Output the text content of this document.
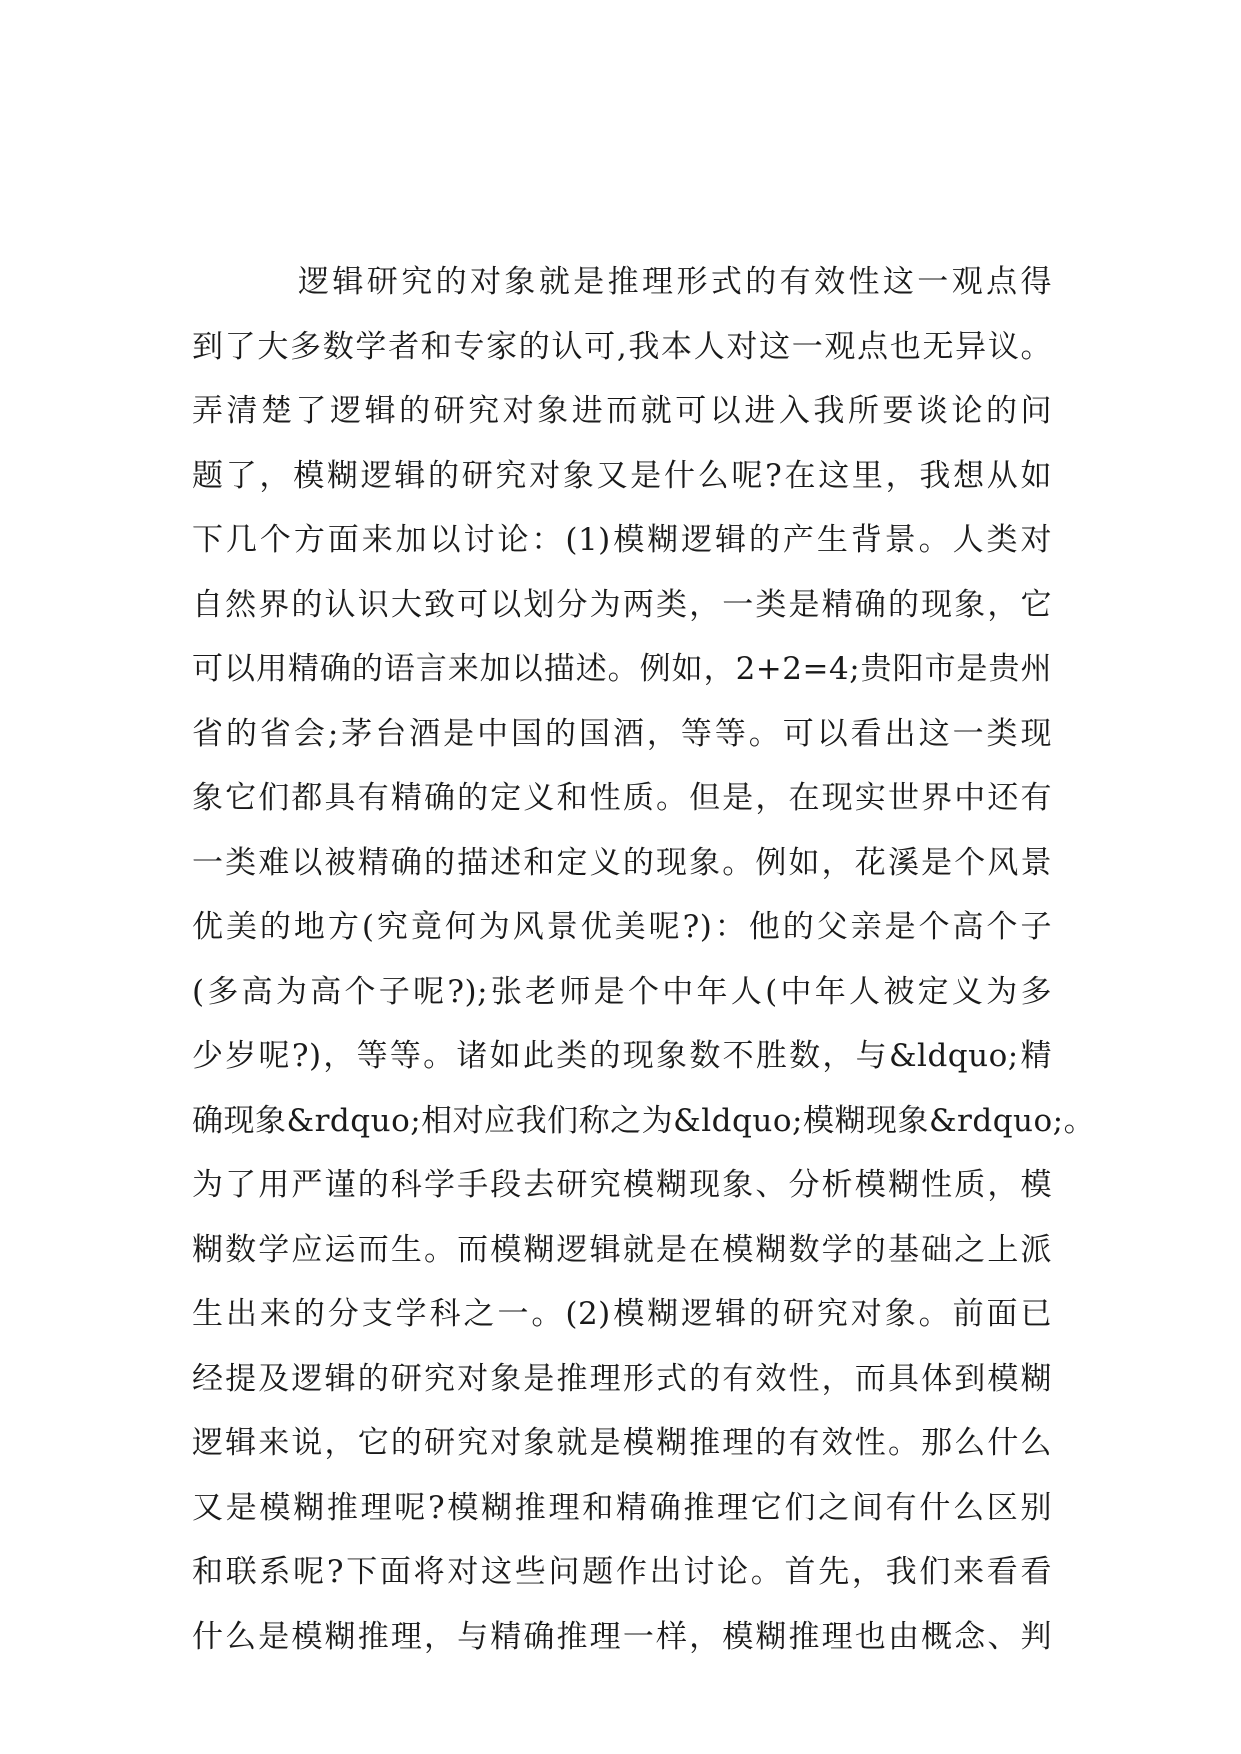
逻辑研究的对象就是推理形式的有效性这一观点得
到了大多数学者和专家的认可,我本人对这一观点也无异议。
弄清楚了逻辑的研究对象进而就可以进入我所要谈论的问
题了，模糊逻辑的研究对象又是什么呢?在这里，我想从如
下几个方面来加以讨论：(1)模糊逻辑的产生背景。人类对
自然界的认识大致可以划分为两类，一类是精确的现象，它
可以用精确的语言来加以描述。例如，2+2=4;贵阳市是贵州
省的省会;茅台酒是中国的国酒，等等。可以看出这一类现
象它们都具有精确的定义和性质。但是，在现实世界中还有
一类难以被精确的描述和定义的现象。例如，花溪是个风景
优美的地方(究竟何为风景优美呢?)：他的父亲是个高个子
(多高为高个子呢?);张老师是个中年人(中年人被定义为多
少岁呢?)，等等。诸如此类的现象数不胜数，与&ldquo;精
确现象&rdquo;相对应我们称之为&ldquo;模糊现象&rdquo;。
为了用严谨的科学手段去研究模糊现象、分析模糊性质，模
糊数学应运而生。而模糊逻辑就是在模糊数学的基础之上派
生出来的分支学科之一。(2)模糊逻辑的研究对象。前面已
经提及逻辑的研究对象是推理形式的有效性，而具体到模糊
逻辑来说，它的研究对象就是模糊推理的有效性。那么什么
又是模糊推理呢?模糊推理和精确推理它们之间有什么区别
和联系呢?下面将对这些问题作出讨论。首先，我们来看看
什么是模糊推理，与精确推理一样，模糊推理也由概念、判
